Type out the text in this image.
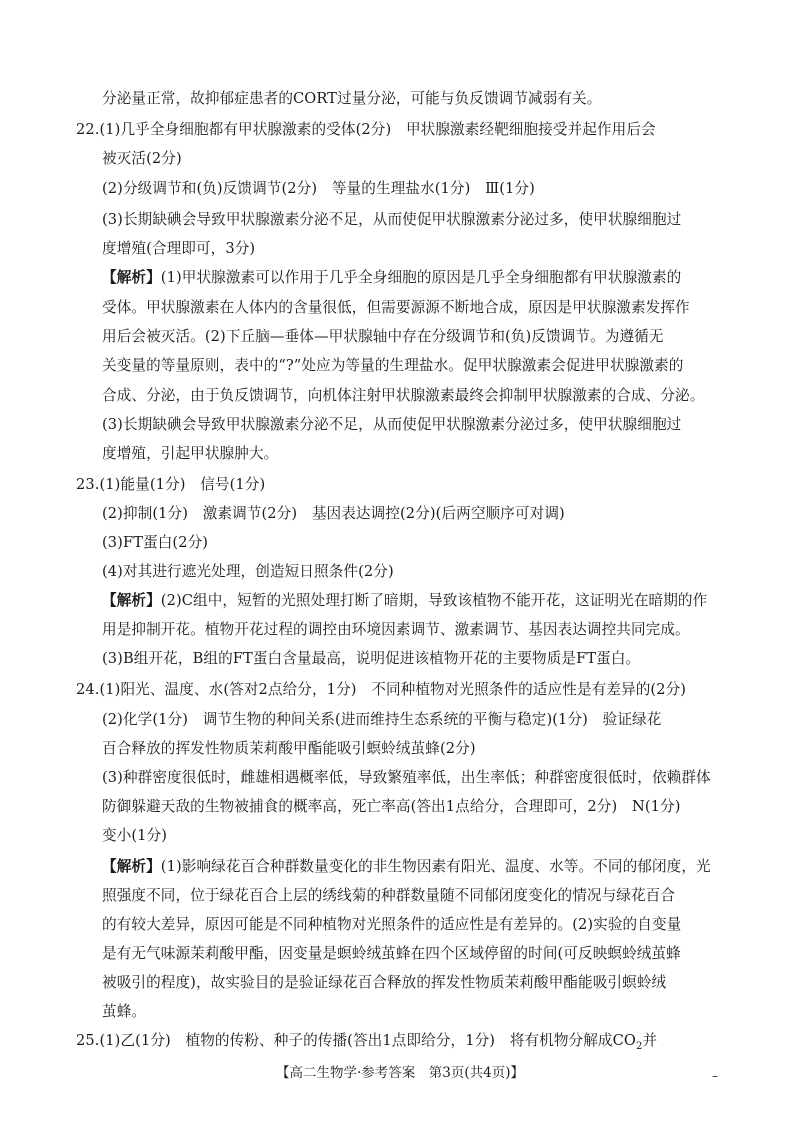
分泌量正常，故抑郁症患者的CORT过量分泌，可能与负反馈调节减弱有关。
22.(1)几乎全身细胞都有甲状腺激素的受体(2分)　甲状腺激素经靶细胞接受并起作用后会
被灭活(2分)
(2)分级调节和(负)反馈调节(2分)　等量的生理盐水(1分)　Ⅲ(1分)
(3)长期缺碘会导致甲状腺激素分泌不足，从而使促甲状腺激素分泌过多，使甲状腺细胞过
度增殖(合理即可，3分)
【解析】(1)甲状腺激素可以作用于几乎全身细胞的原因是几乎全身细胞都有甲状腺激素的
受体。甲状腺激素在人体内的含量很低，但需要源源不断地合成，原因是甲状腺激素发挥作
用后会被灭活。(2)下丘脑—垂体—甲状腺轴中存在分级调节和(负)反馈调节。为遵循无
关变量的等量原则，表中的“?”处应为等量的生理盐水。促甲状腺激素会促进甲状腺激素的
合成、分泌，由于负反馈调节，向机体注射甲状腺激素最终会抑制甲状腺激素的合成、分泌。
(3)长期缺碘会导致甲状腺激素分泌不足，从而使促甲状腺激素分泌过多，使甲状腺细胞过
度增殖，引起甲状腺肿大。
23.(1)能量(1分)　信号(1分)
(2)抑制(1分)　激素调节(2分)　基因表达调控(2分)(后两空顺序可对调)
(3)FT蛋白(2分)
(4)对其进行遮光处理，创造短日照条件(2分)
【解析】(2)C组中，短暂的光照处理打断了暗期，导致该植物不能开花，这证明光在暗期的作
用是抑制开花。植物开花过程的调控由环境因素调节、激素调节、基因表达调控共同完成。
(3)B组开花，B组的FT蛋白含量最高，说明促进该植物开花的主要物质是FT蛋白。
24.(1)阳光、温度、水(答对2点给分，1分)　不同种植物对光照条件的适应性是有差异的(2分)
(2)化学(1分)　调节生物的种间关系(进而维持生态系统的平衡与稳定)(1分)　验证绿花
百合释放的挥发性物质茉莉酸甲酯能吸引螟蛉绒茧蜂(2分)
(3)种群密度很低时，雌雄相遇概率低，导致繁殖率低，出生率低；种群密度很低时，依赖群体
防御躲避天敌的生物被捕食的概率高，死亡率高(答出1点给分，合理即可，2分)　N(1分)
变小(1分)
【解析】(1)影响绿花百合种群数量变化的非生物因素有阳光、温度、水等。不同的郁闭度，光
照强度不同，位于绿花百合上层的绣线菊的种群数量随不同郁闭度变化的情况与绿花百合
的有较大差异，原因可能是不同种植物对光照条件的适应性是有差异的。(2)实验的自变量
是有无气味源茉莉酸甲酯，因变量是螟蛉绒茧蜂在四个区域停留的时间(可反映螟蛉绒茧蜂
被吸引的程度)，故实验目的是验证绿花百合释放的挥发性物质茉莉酸甲酯能吸引螟蛉绒
茧蜂。
25.(1)乙(1分)　植物的传粉、种子的传播(答出1点即给分，1分)　将有机物分解成$CO_2$并
【高二生物学·参考答案　第3页(共4页)】	–
